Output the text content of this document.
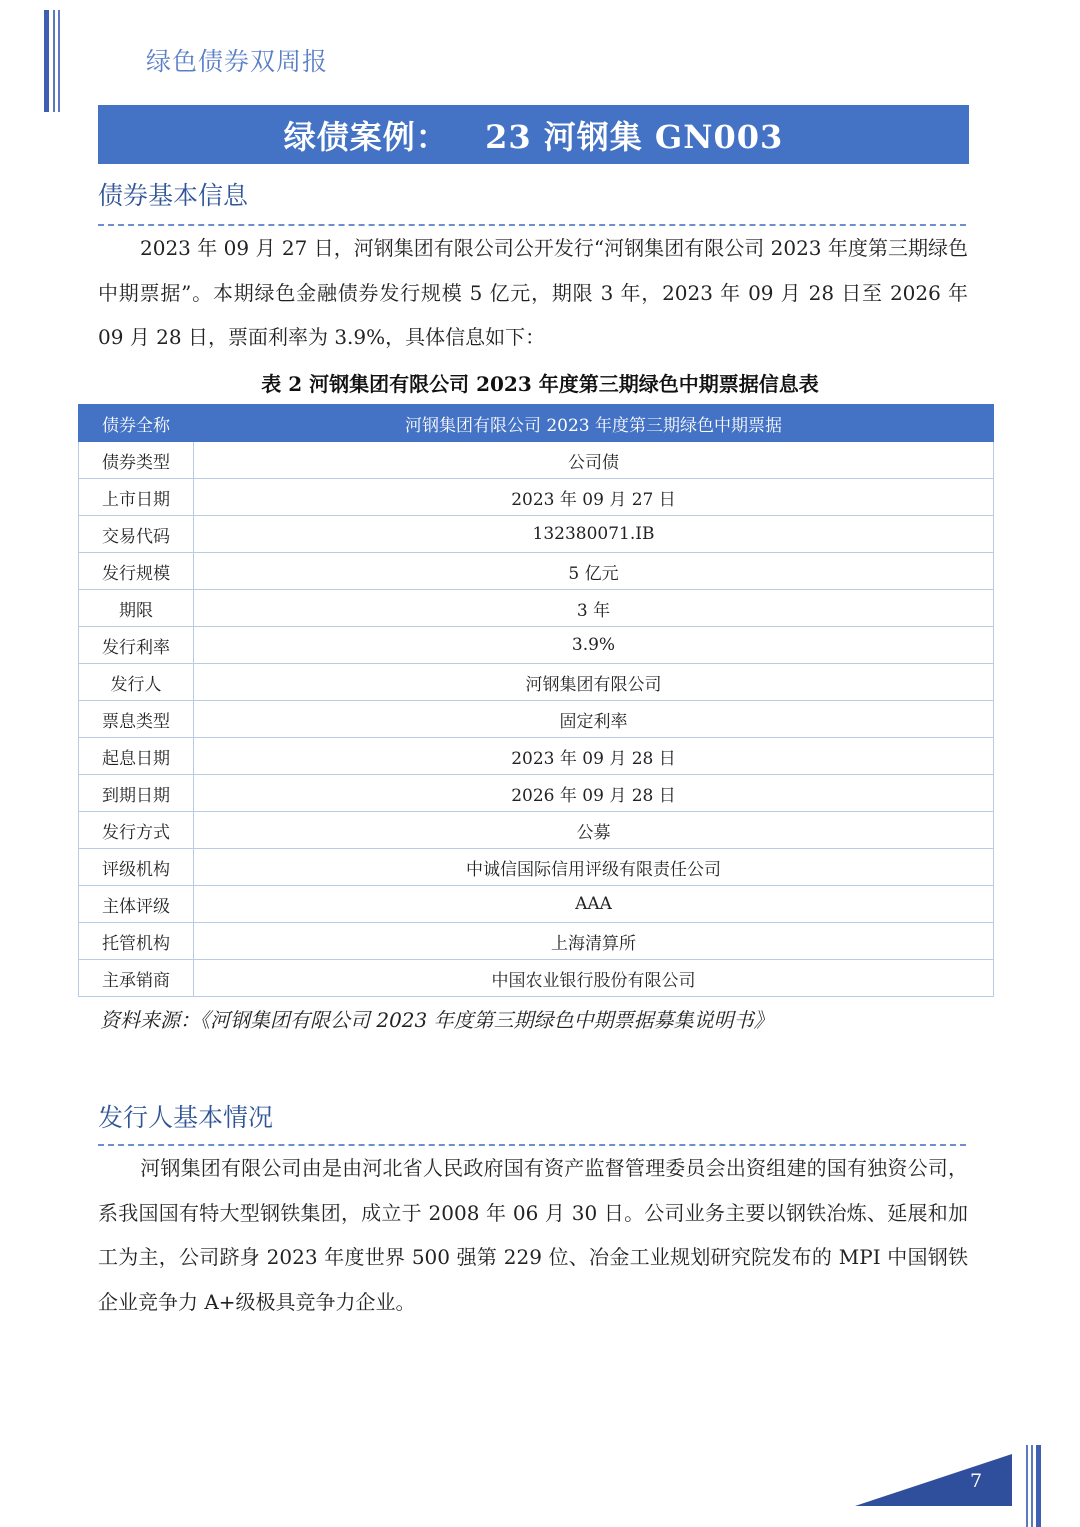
绿色债券双周报
绿债案例：   23 河钢集 GN003
债券基本信息
2023 年 09 月 27 日，河钢集团有限公司公开发行“河钢集团有限公司 2023 年度第三期绿色中期票据”。本期绿色金融债券发行规模 5 亿元，期限 3 年，2023 年 09 月 28 日至 2026 年 09 月 28 日，票面利率为 3.9%，具体信息如下：
表 2 河钢集团有限公司 2023 年度第三期绿色中期票据信息表
债券全称	河钢集团有限公司 2023 年度第三期绿色中期票据
债券类型	公司债
上市日期	2023 年 09 月 27 日
交易代码	132380071.IB
发行规模	5 亿元
期限	3 年
发行利率	3.9%
发行人	河钢集团有限公司
票息类型	固定利率
起息日期	2023 年 09 月 28 日
到期日期	2026 年 09 月 28 日
发行方式	公募
评级机构	中诚信国际信用评级有限责任公司
主体评级	AAA
托管机构	上海清算所
主承销商	中国农业银行股份有限公司
资料来源：《河钢集团有限公司 2023 年度第三期绿色中期票据募集说明书》
发行人基本情况
河钢集团有限公司由是由河北省人民政府国有资产监督管理委员会出资组建的国有独资公司，系我国国有特大型钢铁集团，成立于 2008 年 06 月 30 日。公司业务主要以钢铁冶炼、延展和加工为主，公司跻身 2023 年度世界 500 强第 229 位、冶金工业规划研究院发布的 MPI 中国钢铁企业竞争力 A+级极具竞争力企业。
7
